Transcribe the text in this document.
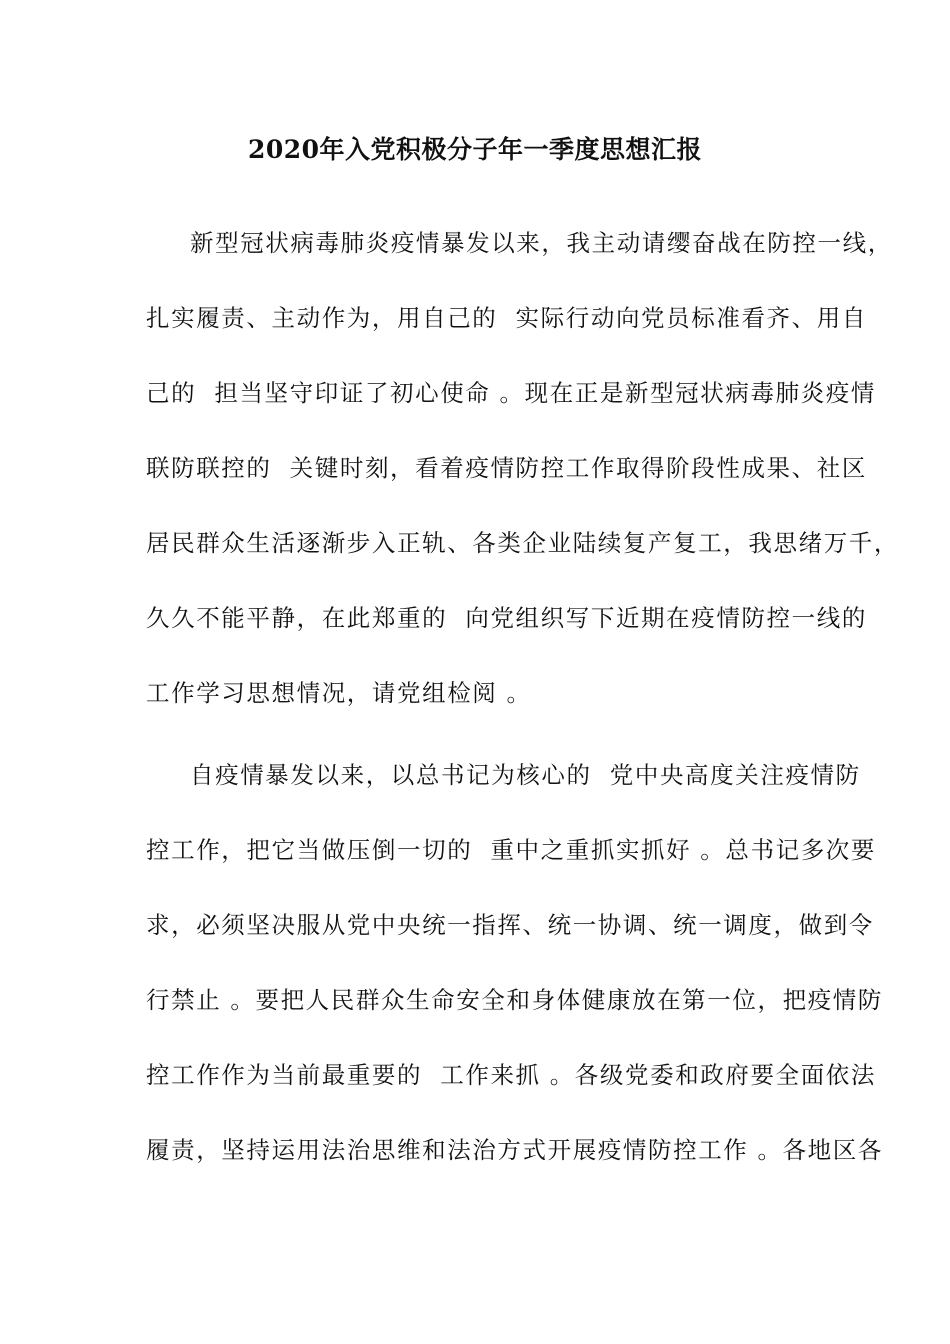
2020年入党积极分子年一季度思想汇报
新型冠状病毒肺炎疫情暴发以来，我主动请缨奋战在防控一线，
扎实履责、主动作为，用自己的  实际行动向党员标准看齐、用自
己的  担当坚守印证了初心使命 。现在正是新型冠状病毒肺炎疫情
联防联控的  关键时刻，看着疫情防控工作取得阶段性成果、社区
居民群众生活逐渐步入正轨、各类企业陆续复产复工，我思绪万千，
久久不能平静，在此郑重的  向党组织写下近期在疫情防控一线的
工作学习思想情况，请党组检阅 。
自疫情暴发以来，以总书记为核心的  党中央高度关注疫情防
控工作，把它当做压倒一切的  重中之重抓实抓好 。总书记多次要
求，必须坚决服从党中央统一指挥、统一协调、统一调度，做到令
行禁止 。要把人民群众生命安全和身体健康放在第一位，把疫情防
控工作作为当前最重要的  工作来抓 。各级党委和政府要全面依法
履责，坚持运用法治思维和法治方式开展疫情防控工作 。各地区各
